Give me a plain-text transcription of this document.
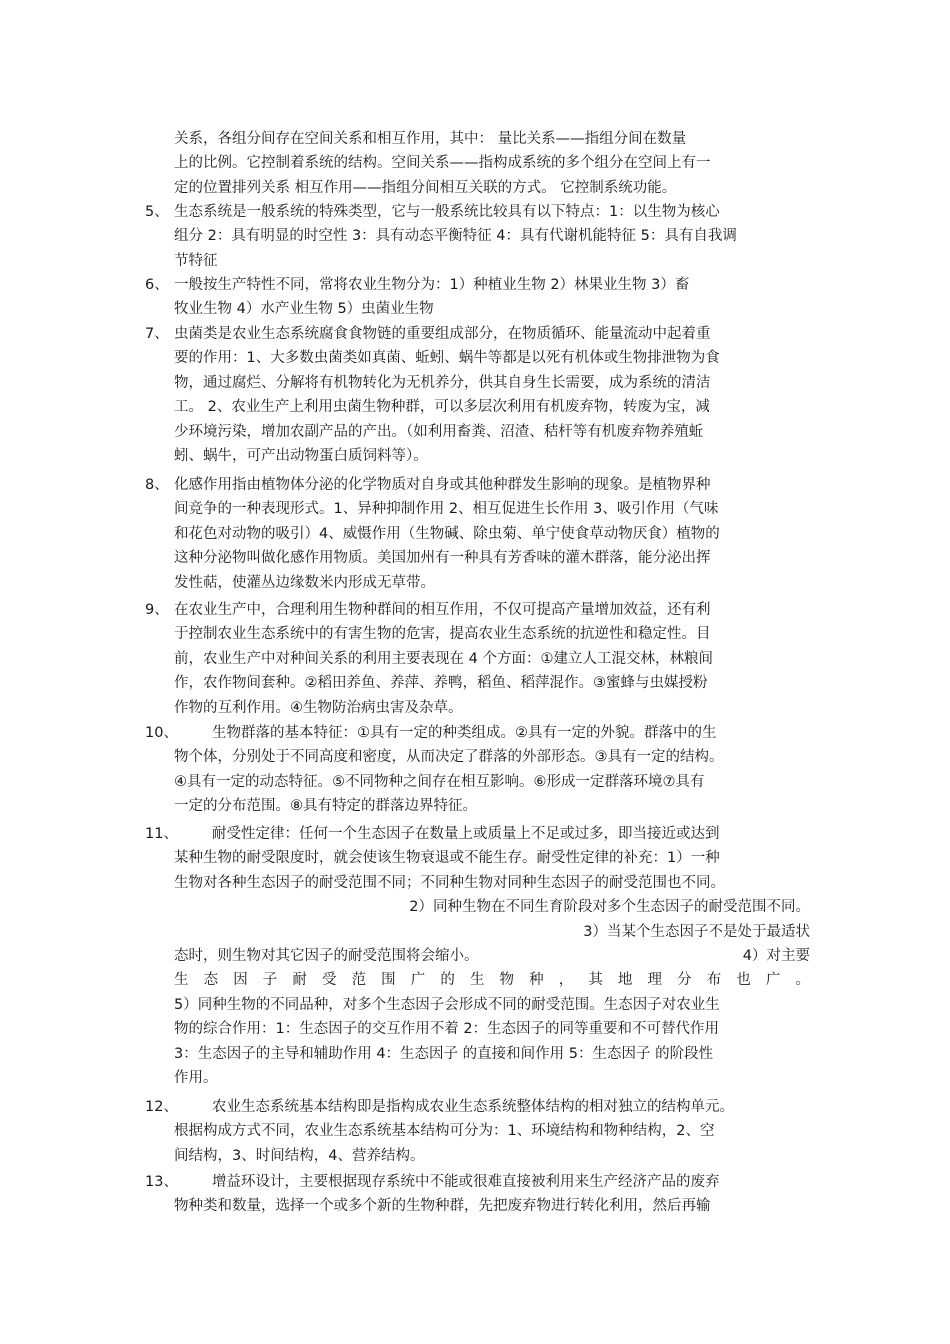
关系，各组分间存在空间关系和相互作用，其中： 量比关系——指组分间在数量
上的比例。它控制着系统的结构。空间关系——指构成系统的多个组分在空间上有一
定的位置排列关系 相互作用——指组分间相互关联的方式。 它控制系统功能。
5、 生态系统是一般系统的特殊类型，它与一般系统比较具有以下特点：1：以生物为核心
组分 2：具有明显的时空性 3：具有动态平衡特征 4：具有代谢机能特征 5：具有自我调
节特征
6、 一般按生产特性不同，常将农业生物分为：1）种植业生物 2）林果业生物 3）畜
牧业生物 4）水产业生物 5）虫菌业生物
7、 虫菌类是农业生态系统腐食食物链的重要组成部分，在物质循环、能量流动中起着重
要的作用：1、大多数虫菌类如真菌、蚯蚓、蜗牛等都是以死有机体或生物排泄物为食
物，通过腐烂、分解将有机物转化为无机养分，供其自身生长需要，成为系统的清洁
工。 2、农业生产上利用虫菌生物种群，可以多层次利用有机废弃物，转废为宝，减
少环境污染，增加农副产品的产出。（如利用畜粪、沼渣、秸杆等有机废弃物养殖蚯
蚓、蜗牛，可产出动物蛋白质饲料等）。
8、 化感作用指由植物体分泌的化学物质对自身或其他种群发生影响的现象。是植物界种
间竞争的一种表现形式。1、异种抑制作用 2、相互促进生长作用 3、吸引作用（气味
和花色对动物的吸引）4、威慑作用（生物碱、除虫菊、单宁使食草动物厌食）植物的
这种分泌物叫做化感作用物质。美国加州有一种具有芳香味的灌木群落，能分泌出挥
发性萜，使灌丛边缘数米内形成无草带。
9、 在农业生产中，合理利用生物种群间的相互作用，不仅可提高产量增加效益，还有利
于控制农业生态系统中的有害生物的危害，提高农业生态系统的抗逆性和稳定性。目
前，农业生产中对种间关系的利用主要表现在 4 个方面：①建立人工混交林，林粮间
作，农作物间套种。②稻田养鱼、养萍、养鸭，稻鱼、稻萍混作。③蜜蜂与虫媒授粉
作物的互利作用。④生物防治病虫害及杂草。
10、	生物群落的基本特征：①具有一定的种类组成。②具有一定的外貌。群落中的生
物个体，分别处于不同高度和密度，从而决定了群落的外部形态。③具有一定的结构。
④具有一定的动态特征。⑤不同物种之间存在相互影响。⑥形成一定群落环境⑦具有
一定的分布范围。⑧具有特定的群落边界特征。
11、	耐受性定律：任何一个生态因子在数量上或质量上不足或过多，即当接近或达到
某种生物的耐受限度时，就会使该生物衰退或不能生存。耐受性定律的补充：1）一种
生物对各种生态因子的耐受范围不同；不同种生物对同种生态因子的耐受范围也不同。
2）同种生物在不同生育阶段对多个生态因子的耐受范围不同。
3）当某个生态因子不是处于最适状
态时，则生物对其它因子的耐受范围将会缩小。	4）对主要
生 态 因 子 耐 受 范 围 广 的 生 物 种 ， 其 地 理 分 布 也 广 。
5）同种生物的不同品种，对多个生态因子会形成不同的耐受范围。生态因子对农业生
物的综合作用：1：生态因子的交互作用不着 2：生态因子的同等重要和不可替代作用
3：生态因子的主导和辅助作用 4：生态因子 的直接和间作用 5：生态因子 的阶段性
作用。
12、	农业生态系统基本结构即是指构成农业生态系统整体结构的相对独立的结构单元。
根据构成方式不同，农业生态系统基本结构可分为：1、环境结构和物种结构，2、空
间结构，3、时间结构，4、营养结构。
13、	增益环设计，主要根据现存系统中不能或很难直接被利用来生产经济产品的废弃
物种类和数量，选择一个或多个新的生物种群，先把废弃物进行转化利用，然后再输
